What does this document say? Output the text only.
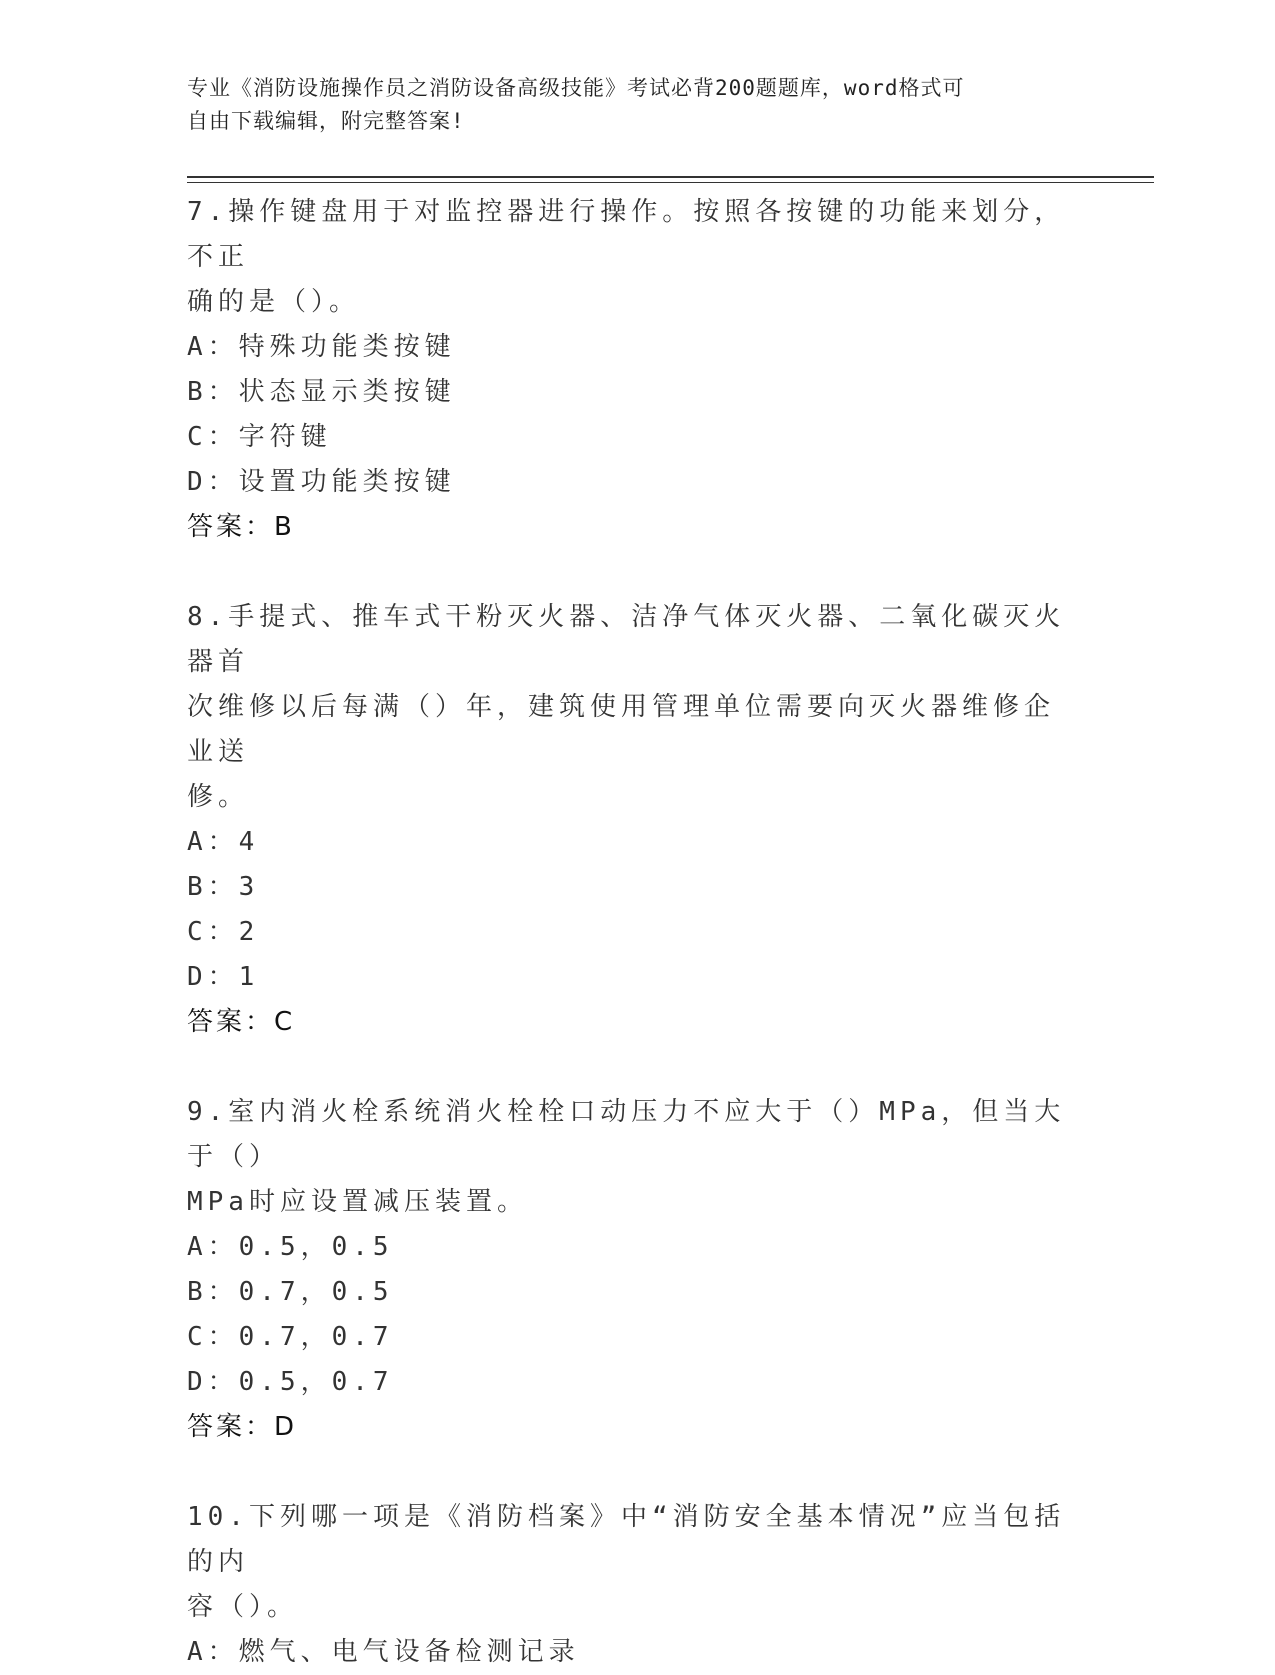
专业《消防设施操作员之消防设备高级技能》考试必背200题题库，word格式可
自由下载编辑，附完整答案!

7.操作键盘用于对监控器进行操作。按照各按键的功能来划分，不正

确的是（）。

A：特殊功能类按键

B：状态显示类按键

C：字符键

D：设置功能类按键

答案：B

8.手提式、推车式干粉灭火器、洁净气体灭火器、二氧化碳灭火器首

次维修以后每满（）年，建筑使用管理单位需要向灭火器维修企业送

修。

A：4

B：3

C：2

D：1

答案：C

9.室内消火栓系统消火栓栓口动压力不应大于（）MPa，但当大于（）

MPa时应设置减压装置。

A：0.5，0.5

B：0.7，0.5

C：0.7，0.7

D：0.5，0.7

答案：D

10.下列哪一项是《消防档案》中“消防安全基本情况”应当包括的内

容（）。

A：燃气、电气设备检测记录
